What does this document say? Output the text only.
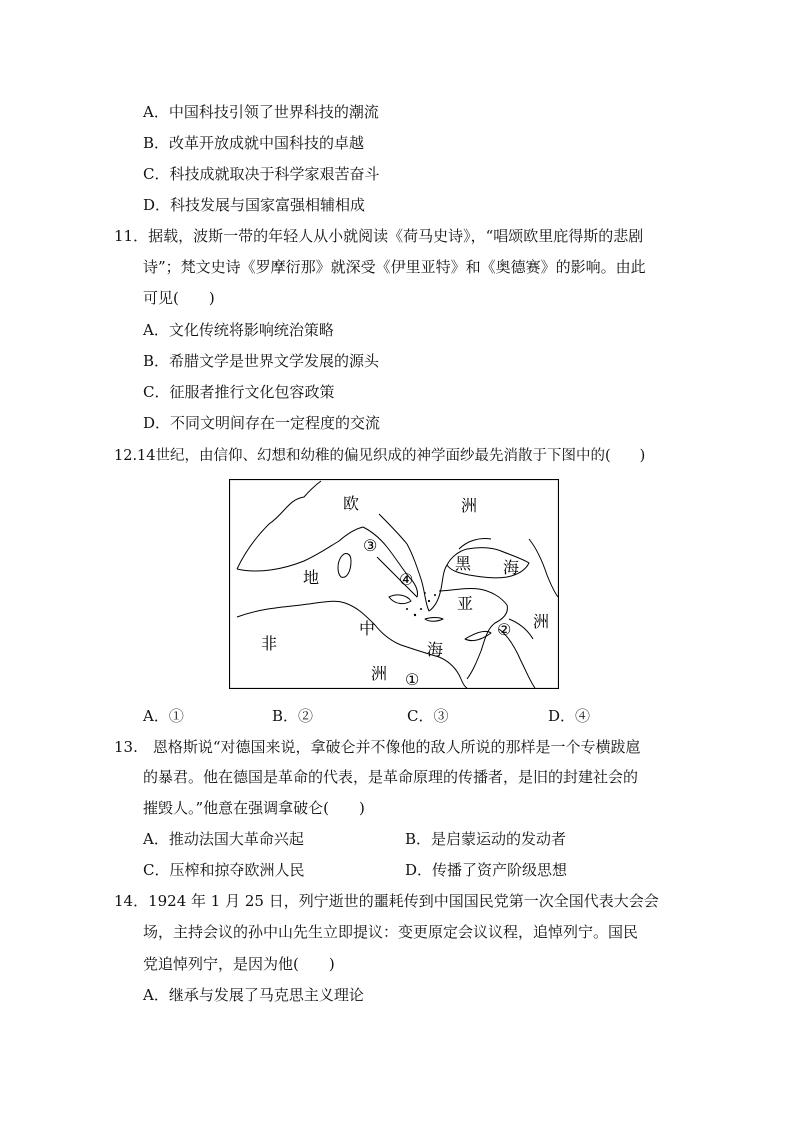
A．中国科技引领了世界科技的潮流
B．改革开放成就中国科技的卓越
C．科技成就取决于科学家艰苦奋斗
D．科技发展与国家富强相辅相成
11．据载，波斯一带的年轻人从小就阅读《荷马史诗》，“唱颂欧里庇得斯的悲剧
诗”；梵文史诗《罗摩衍那》就深受《伊里亚特》和《奥德赛》的影响。由此
可见(　　)
A．文化传统将影响统治策略
B．希腊文学是世界文学发展的源头
C．征服者推行文化包容政策
D．不同文明间存在一定程度的交流
12.14世纪，由信仰、幻想和幼稚的偏见织成的神学面纱最先消散于下图中的(　　)
欧	洲
黑 海
地
亚
洲
非
中
海
洲
③
④
②
①
A．①	B．②	C．③	D．④
13.　恩格斯说“对德国来说，拿破仑并不像他的敌人所说的那样是一个专横跋扈
的暴君。他在德国是革命的代表，是革命原理的传播者，是旧的封建社会的
摧毁人。”他意在强调拿破仑(　　)
A．推动法国大革命兴起	B．是启蒙运动的发动者
C．压榨和掠夺欧洲人民	D．传播了资产阶级思想
14．1924 年 1 月 25 日，列宁逝世的噩耗传到中国国民党第一次全国代表大会会
场，主持会议的孙中山先生立即提议：变更原定会议议程，追悼列宁。国民
党追悼列宁，是因为他(　　)
A．继承与发展了马克思主义理论
